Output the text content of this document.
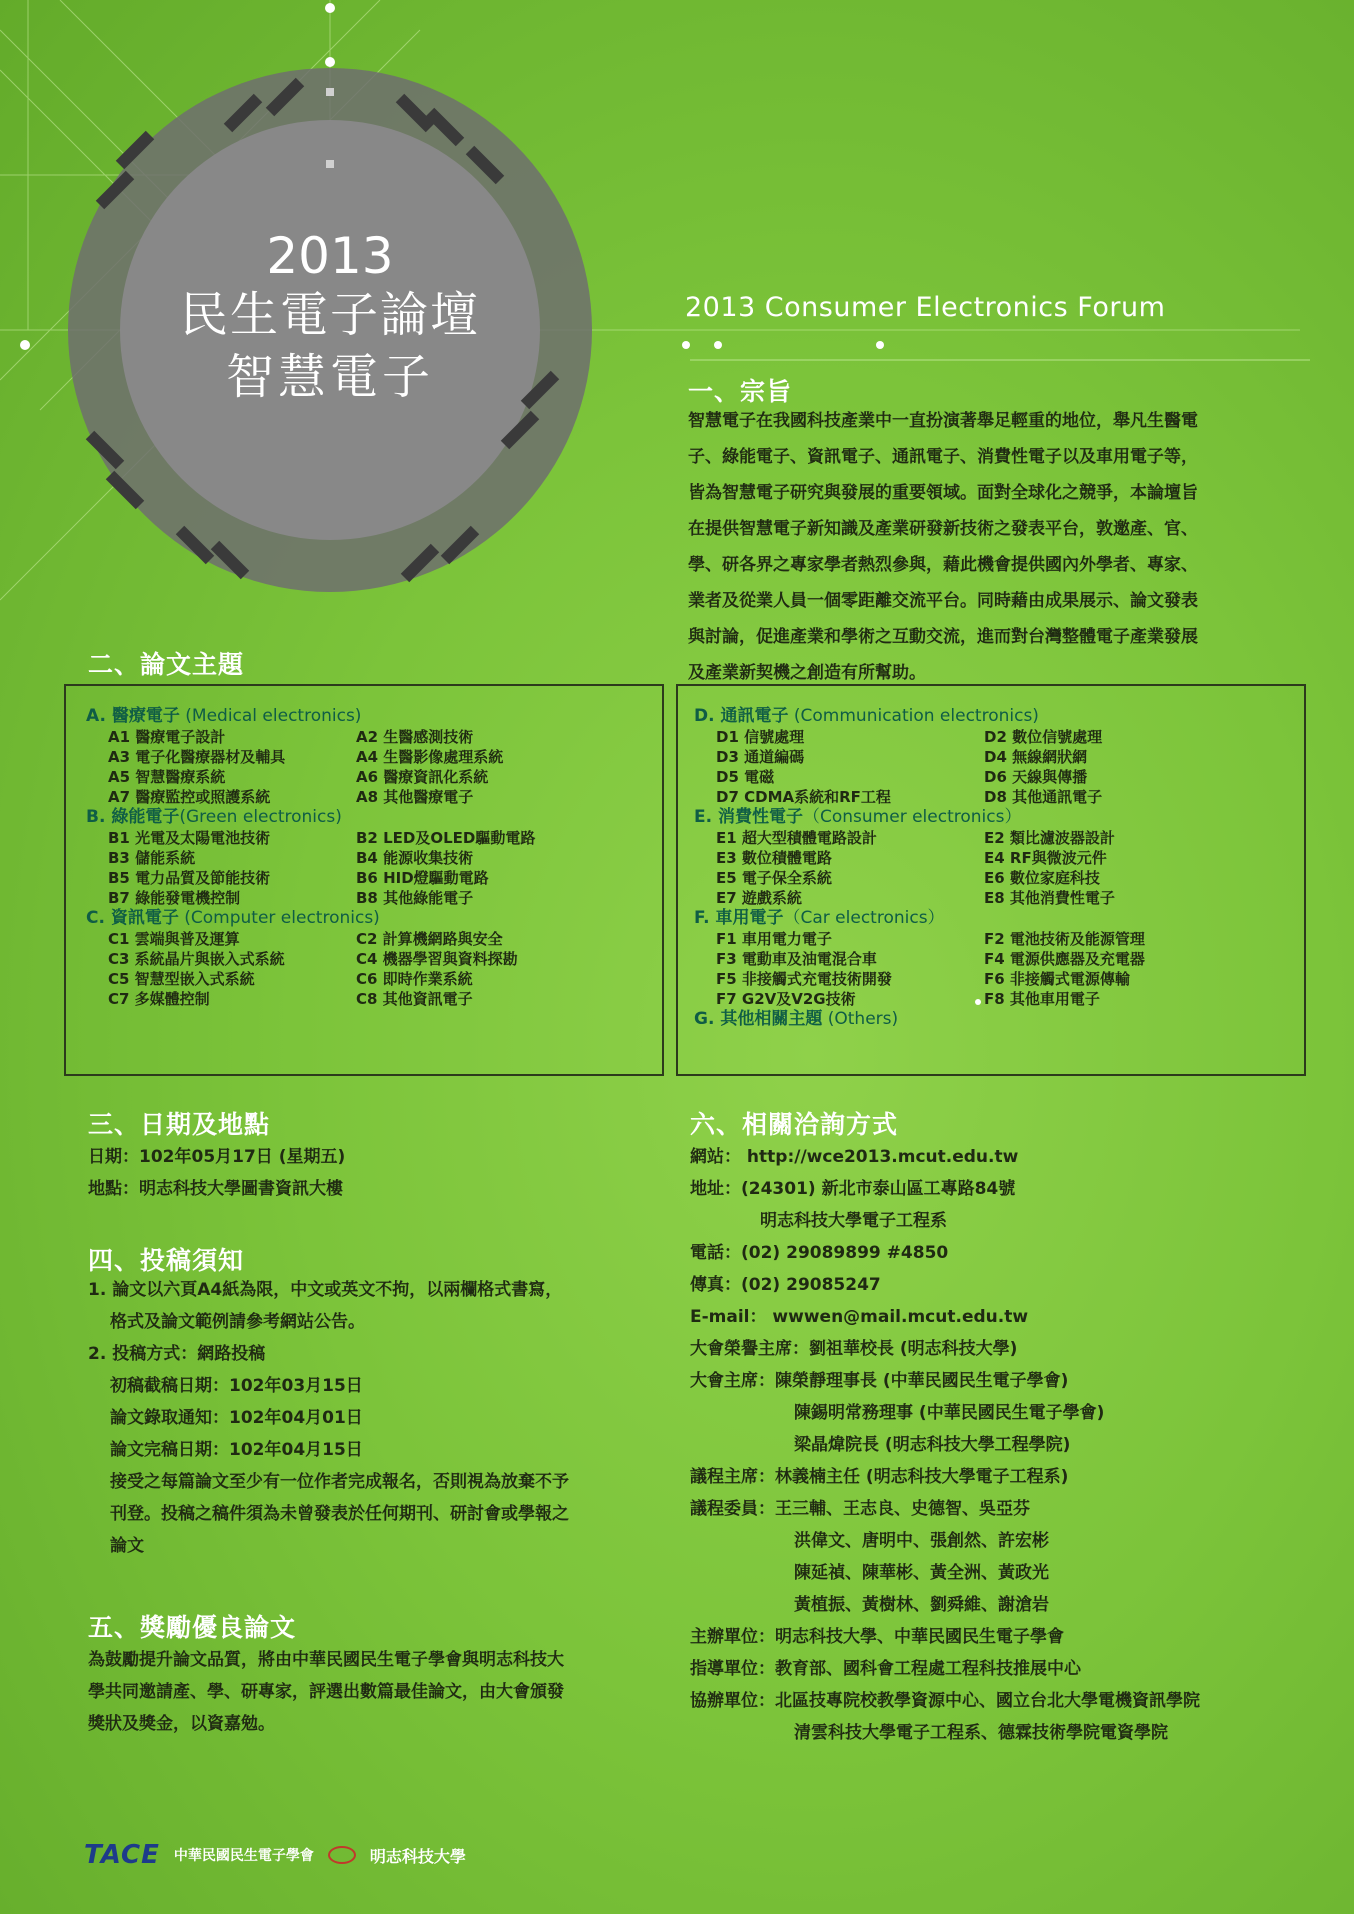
2013
民生電子論壇
智慧電子
2013 Consumer Electronics Forum
一、宗旨
智慧電子在我國科技產業中一直扮演著舉足輕重的地位，舉凡生醫電
子、綠能電子、資訊電子、通訊電子、消費性電子以及車用電子等，
皆為智慧電子研究與發展的重要領域。面對全球化之競爭，本論壇旨
在提供智慧電子新知識及產業研發新技術之發表平台，敦邀產、官、
學、研各界之專家學者熱烈參與，藉此機會提供國內外學者、專家、
業者及從業人員一個零距離交流平台。同時藉由成果展示、論文發表
與討論，促進產業和學術之互動交流，進而對台灣整體電子產業發展
及產業新契機之創造有所幫助。
二、論文主題
A. 醫療電子 (Medical electronics)
A1 醫療電子設計	A2 生醫感測技術
A3 電子化醫療器材及輔具	A4 生醫影像處理系統
A5 智慧醫療系統	A6 醫療資訊化系統
A7 醫療監控或照護系統	A8 其他醫療電子
B. 綠能電子(Green electronics)
B1 光電及太陽電池技術	B2 LED及OLED驅動電路
B3 儲能系統	B4 能源收集技術
B5 電力品質及節能技術	B6 HID燈驅動電路
B7 綠能發電機控制	B8 其他綠能電子
C. 資訊電子 (Computer electronics)
C1 雲端與普及運算	C2 計算機網路與安全
C3 系統晶片與嵌入式系統	C4 機器學習與資料探勘
C5 智慧型嵌入式系統	C6 即時作業系統
C7 多媒體控制	C8 其他資訊電子
D. 通訊電子 (Communication electronics)
D1 信號處理	D2 數位信號處理
D3 通道編碼	D4 無線網狀網
D5 電磁	D6 天線與傳播
D7 CDMA系統和RF工程	D8 其他通訊電子
E. 消費性電子（Consumer electronics）
E1 超大型積體電路設計	E2 類比濾波器設計
E3 數位積體電路	E4 RF與微波元件
E5 電子保全系統	E6 數位家庭科技
E7 遊戲系統	E8 其他消費性電子
F. 車用電子（Car electronics）
F1 車用電力電子	F2 電池技術及能源管理
F3 電動車及油電混合車	F4 電源供應器及充電器
F5 非接觸式充電技術開發	F6 非接觸式電源傳輸
F7 G2V及V2G技術	F8 其他車用電子
G. 其他相關主題 (Others)
三、日期及地點
日期：102年05月17日 (星期五)
地點：明志科技大學圖書資訊大樓
四、投稿須知
1. 論文以六頁A4紙為限，中文或英文不拘，以兩欄格式書寫，
格式及論文範例請參考網站公告。
2. 投稿方式：網路投稿
初稿截稿日期：102年03月15日
論文錄取通知：102年04月01日
論文完稿日期：102年04月15日
接受之每篇論文至少有一位作者完成報名，否則視為放棄不予
刊登。投稿之稿件須為未曾發表於任何期刊、研討會或學報之
論文
五、獎勵優良論文
為鼓勵提升論文品質，將由中華民國民生電子學會與明志科技大
學共同邀請產、學、研專家，評選出數篇最佳論文，由大會頒發
獎狀及獎金，以資嘉勉。
六、相關洽詢方式
網站： http://wce2013.mcut.edu.tw
地址：(24301) 新北市泰山區工專路84號
明志科技大學電子工程系
電話：(02) 29089899 #4850
傳真：(02) 29085247
E-mail： wwwen@mail.mcut.edu.tw
大會榮譽主席：劉祖華校長 (明志科技大學)
大會主席：陳榮靜理事長 (中華民國民生電子學會)
陳錫明常務理事 (中華民國民生電子學會)
梁晶煒院長 (明志科技大學工程學院)
議程主席：林義楠主任 (明志科技大學電子工程系)
議程委員：王三輔、王志良、史德智、吳亞芬
洪偉文、唐明中、張創然、許宏彬
陳延禎、陳華彬、黃全洲、黃政光
黃植振、黃樹林、劉舜維、謝滄岩
主辦單位：明志科技大學、中華民國民生電子學會
指導單位：教育部、國科會工程處工程科技推展中心
協辦單位：北區技專院校教學資源中心、國立台北大學電機資訊學院
清雲科技大學電子工程系、德霖技術學院電資學院
TACE 中華民國民生電子學會	明志科技大學
